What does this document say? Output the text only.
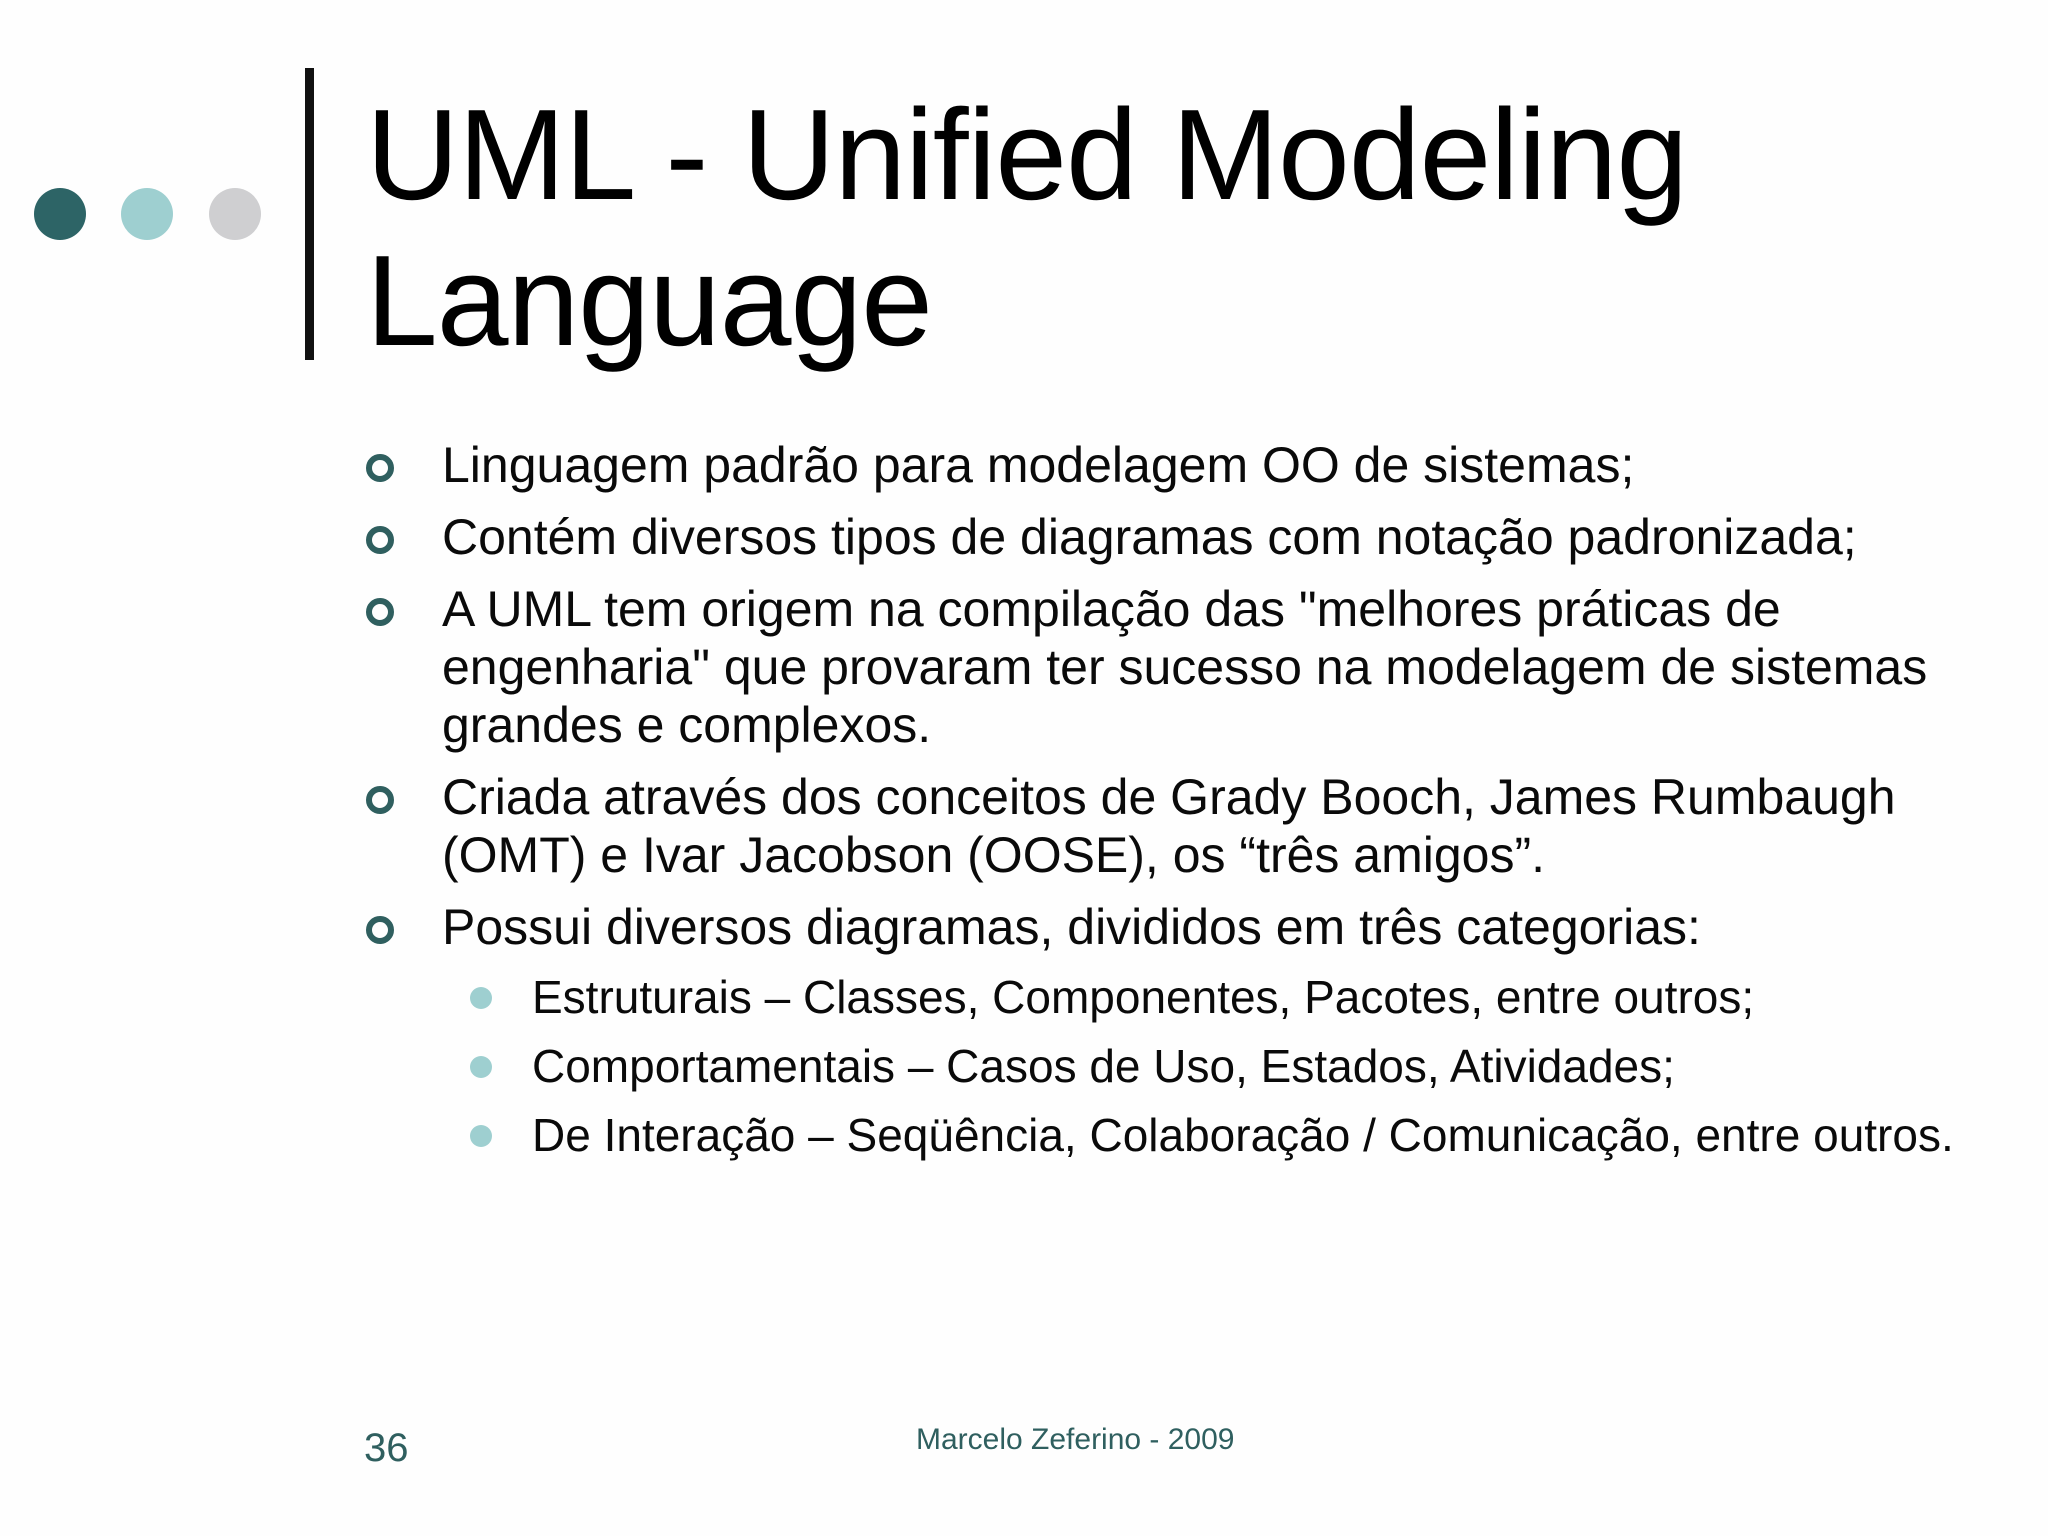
UML - Unified Modeling Language
Linguagem padrão para modelagem OO de sistemas;
Contém diversos tipos de diagramas com notação padronizada;
A UML tem origem na compilação das "melhores práticas de engenharia" que provaram ter sucesso na modelagem de sistemas grandes e complexos.
Criada através dos conceitos de Grady Booch, James Rumbaugh (OMT) e Ivar Jacobson (OOSE), os “três amigos”.
Possui diversos diagramas, divididos em três categorias:
Estruturais – Classes, Componentes, Pacotes, entre outros;
Comportamentais – Casos de Uso, Estados, Atividades;
De Interação – Seqüência, Colaboração / Comunicação, entre outros.
36	Marcelo Zeferino - 2009
